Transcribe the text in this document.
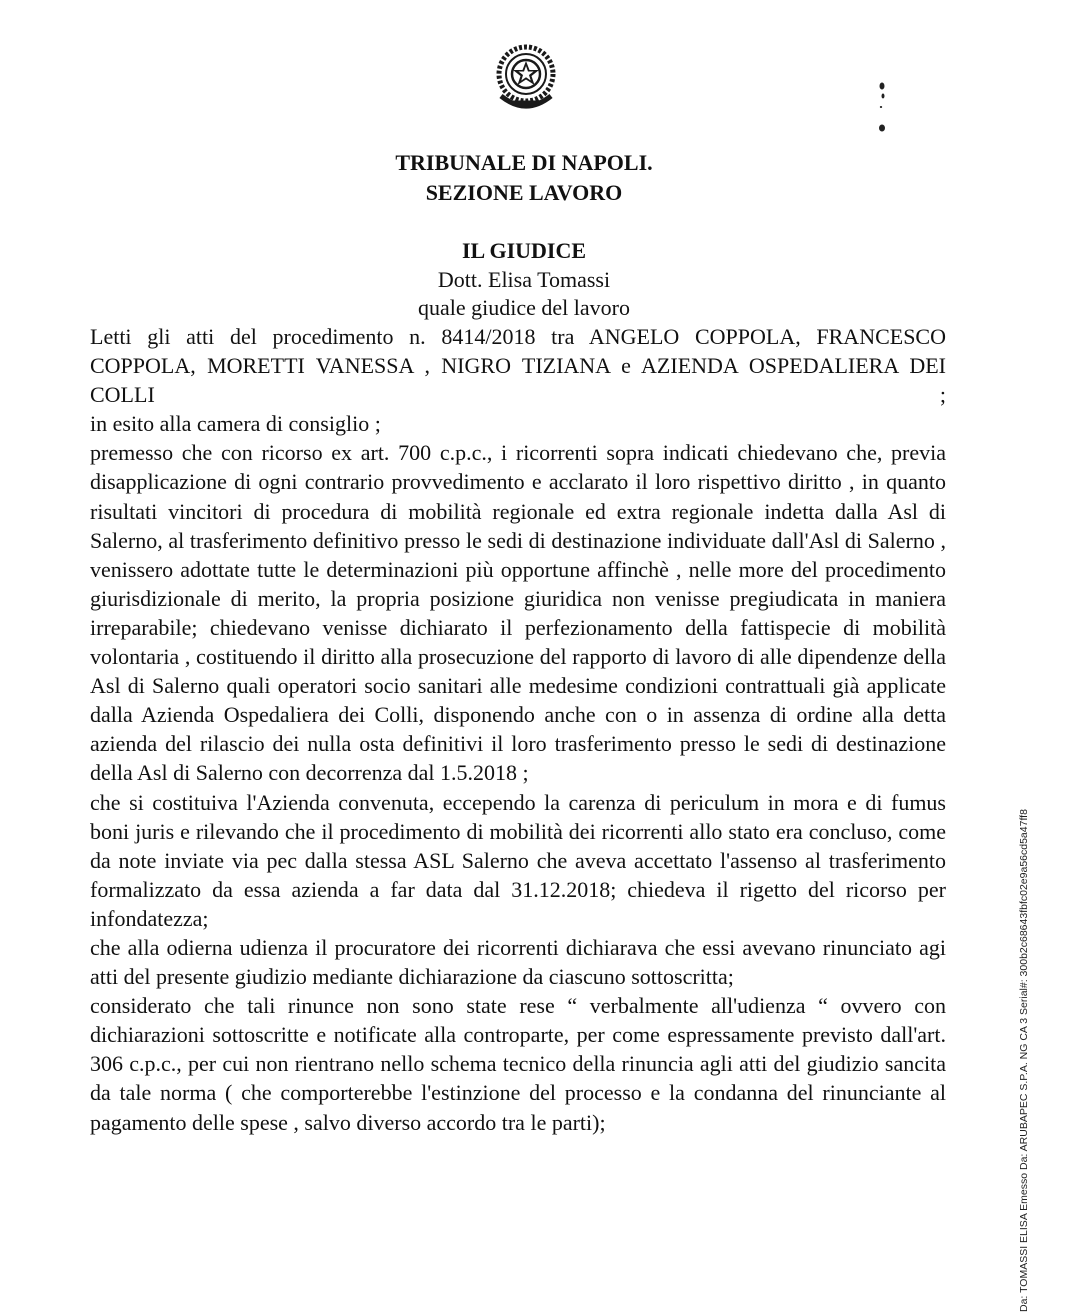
TRIBUNALE DI NAPOLI.
SEZIONE LAVORO
IL GIUDICE
Dott. Elisa Tomassi
quale giudice del lavoro

Letti gli atti del procedimento n. 8414/2018 tra ANGELO COPPOLA, FRANCESCO COPPOLA, MORETTI VANESSA , NIGRO TIZIANA e AZIENDA OSPEDALIERA DEI COLLI ;

in esito alla camera di consiglio ;

premesso che con ricorso ex art. 700 c.p.c., i ricorrenti sopra indicati chiedevano che, previa disapplicazione di ogni contrario provvedimento e acclarato il loro rispettivo diritto , in quanto risultati vincitori di procedura di mobilità regionale ed extra regionale indetta dalla Asl di Salerno, al trasferimento definitivo presso le sedi di destinazione individuate dall'Asl di Salerno , venissero adottate tutte le determinazioni più opportune affinchè , nelle more del procedimento giurisdizionale di merito, la propria posizione giuridica non venisse pregiudicata in maniera irreparabile; chiedevano venisse dichiarato il perfezionamento della fattispecie di mobilità volontaria , costituendo il diritto alla prosecuzione del rapporto di lavoro di alle dipendenze della Asl di Salerno quali operatori socio sanitari alle medesime condizioni contrattuali già applicate dalla Azienda Ospedaliera dei Colli, disponendo anche con o in assenza di ordine alla detta azienda del rilascio dei nulla osta definitivi il loro trasferimento presso le sedi di destinazione della Asl di Salerno con decorrenza dal 1.5.2018 ;

che si costituiva l'Azienda convenuta, eccependo la carenza di periculum in mora e di fumus boni juris e rilevando che il procedimento di mobilità dei ricorrenti allo stato era concluso, come da note inviate via pec dalla stessa ASL Salerno che aveva accettato l'assenso al trasferimento formalizzato da essa azienda a far data dal 31.12.2018; chiedeva il rigetto del ricorso per infondatezza;

che alla odierna udienza il procuratore dei ricorrenti dichiarava che essi avevano rinunciato agi atti del presente giudizio mediante dichiarazione da ciascuno sottoscritta;

considerato che tali rinunce non sono state rese “ verbalmente all'udienza “ ovvero con dichiarazioni sottoscritte e notificate alla controparte, per come espressamente previsto dall'art. 306 c.p.c., per cui non rientrano nello schema tecnico della rinuncia agli atti del giudizio sancita da tale norma ( che comporterebbe l'estinzione del processo e la condanna del rinunciante al pagamento delle spese , salvo diverso accordo tra le parti);	Da: TOMASSI ELISA Emesso Da: ARUBAPEC S.P.A. NG CA 3 Serial#: 300b2c68643fbfc02e9a56cd5a47ff8
